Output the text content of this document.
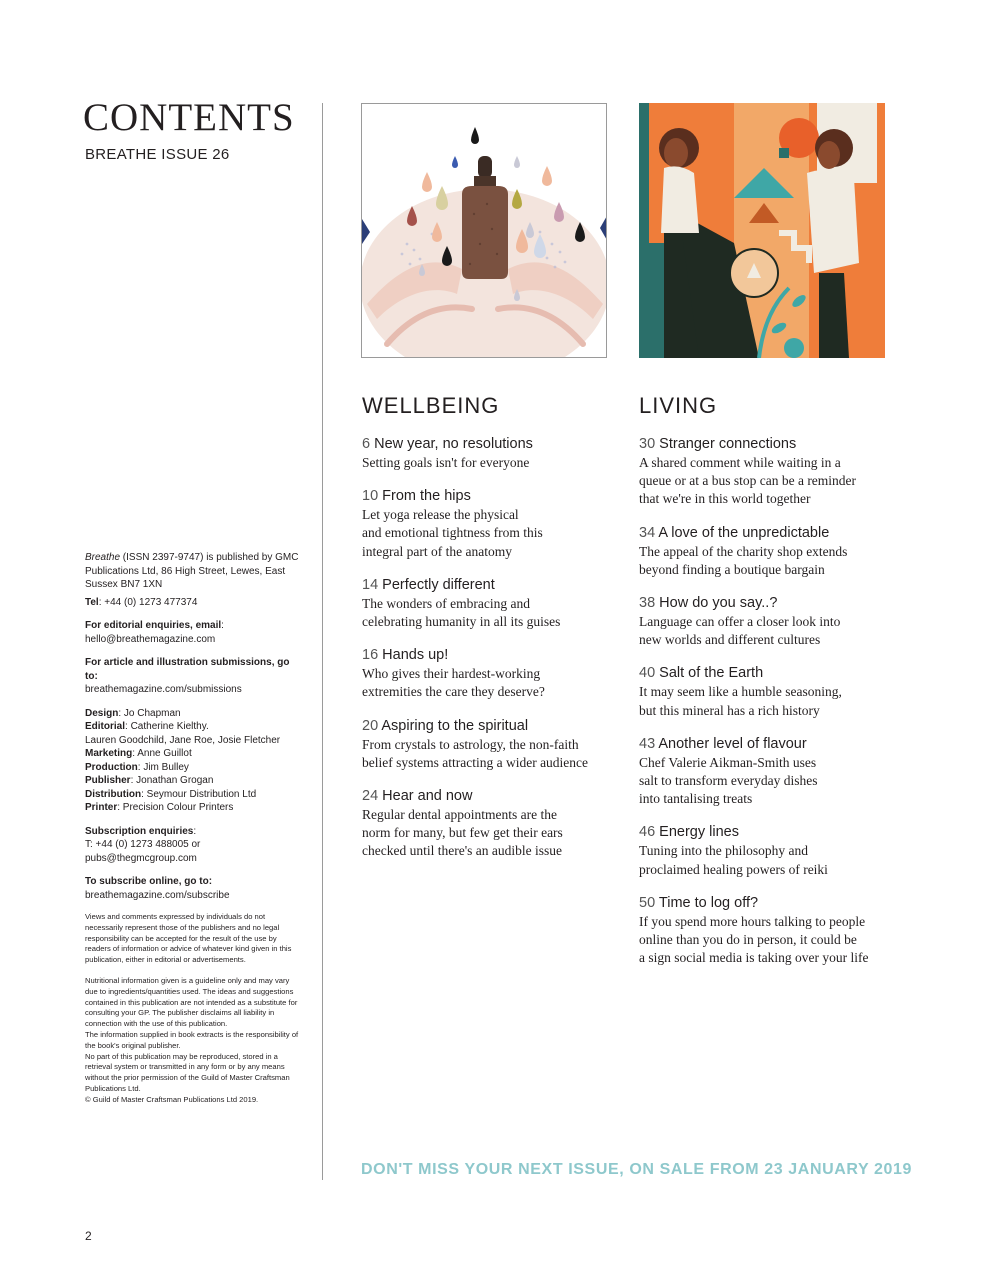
CONTENTS
BREATHE ISSUE 26

Breathe (ISSN 2397-9747) is published by GMC Publications Ltd, 86 High Street, Lewes, East Sussex BN7 1XN

Tel: +44 (0) 1273 477374

For editorial enquiries, email:
hello@breathemagazine.com

For article and illustration submissions, go to:
breathemagazine.com/submissions

Design: Jo Chapman
Editorial: Catherine Kielthy.
Lauren Goodchild, Jane Roe, Josie Fletcher
Marketing: Anne Guillot
Production: Jim Bulley
Publisher: Jonathan Grogan
Distribution: Seymour Distribution Ltd
Printer: Precision Colour Printers

Subscription enquiries:
T: +44 (0) 1273 488005 or
pubs@thegmcgroup.com

To subscribe online, go to:
breathemagazine.com/subscribe

Views and comments expressed by individuals do not necessarily represent those of the publishers and no legal responsibility can be accepted for the result of the use by readers of information or advice of whatever kind given in this publication, either in editorial or advertisements.

Nutritional information given is a guideline only and may vary due to ingredients/quantities used. The ideas and suggestions contained in this publication are not intended as a substitute for consulting your GP. The publisher disclaims all liability in connection with the use of this publication.
The information supplied in book extracts is the responsibility of the book's original publisher.
No part of this publication may be reproduced, stored in a retrieval system or transmitted in any form or by any means without the prior permission of the Guild of Master Craftsman Publications Ltd.
© Guild of Master Craftsman Publications Ltd 2019.

2
WELLBEING
6 New year, no resolutions
Setting goals isn't for everyone
10 From the hips
Let yoga release the physical
and emotional tightness from this
integral part of the anatomy
14 Perfectly different
The wonders of embracing and
celebrating humanity in all its guises
16 Hands up!
Who gives their hardest-working
extremities the care they deserve?
20 Aspiring to the spiritual
From crystals to astrology, the non-faith
belief systems attracting a wider audience
24 Hear and now
Regular dental appointments are the
norm for many, but few get their ears
checked until there's an audible issue
LIVING
30 Stranger connections
A shared comment while waiting in a
queue or at a bus stop can be a reminder
that we're in this world together
34 A love of the unpredictable
The appeal of the charity shop extends
beyond finding a boutique bargain
38 How do you say..?
Language can offer a closer look into
new worlds and different cultures
40 Salt of the Earth
It may seem like a humble seasoning,
but this mineral has a rich history
43 Another level of flavour
Chef Valerie Aikman-Smith uses
salt to transform everyday dishes
into tantalising treats
46 Energy lines
Tuning into the philosophy and
proclaimed healing powers of reiki
50 Time to log off?
If you spend more hours talking to people
online than you do in person, it could be
a sign social media is taking over your life
DON'T MISS YOUR NEXT ISSUE, ON SALE FROM 23 JANUARY 2019
